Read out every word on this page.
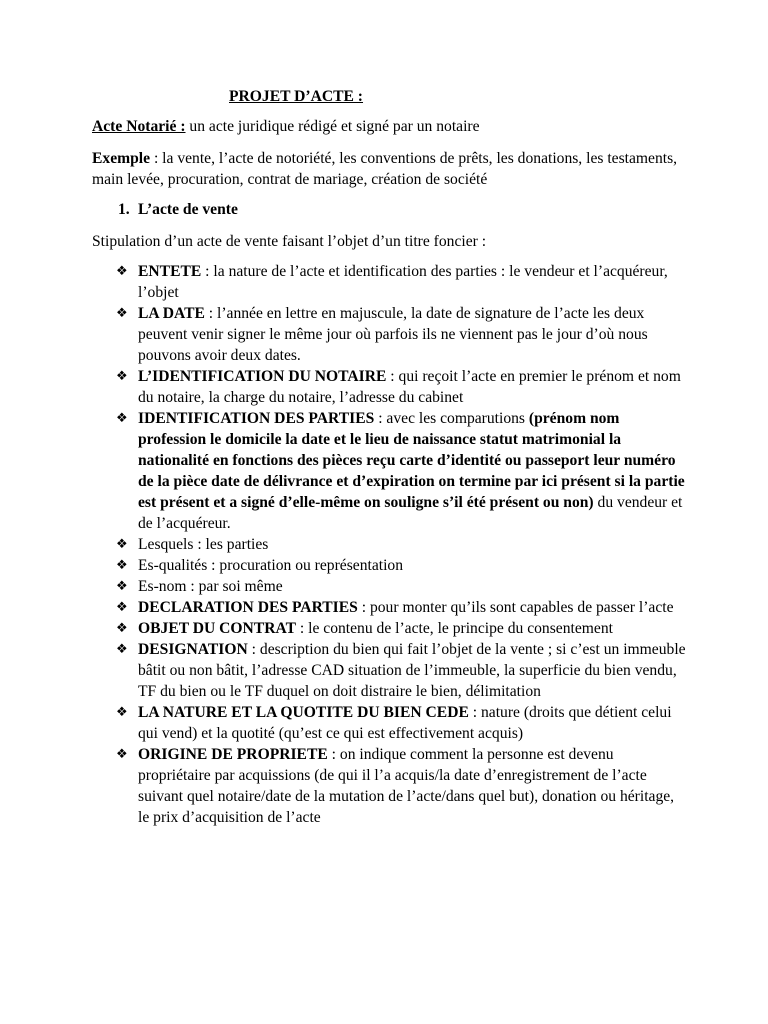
PROJET D’ACTE :

Acte Notarié : un acte juridique rédigé et signé par un notaire

Exemple : la vente, l’acte de notoriété, les conventions de prêts, les donations, les testaments, main levée, procuration, contrat de mariage, création de société

1. L’acte de vente

Stipulation d’un acte de vente faisant l’objet d’un titre foncier :

❖ ENTETE : la nature de l’acte et identification des parties : le vendeur et l’acquéreur, l’objet
❖ LA DATE : l’année en lettre en majuscule, la date de signature de l’acte les deux peuvent venir signer le même jour où parfois ils ne viennent pas le jour d’où nous pouvons avoir deux dates.
❖ L’IDENTIFICATION DU NOTAIRE : qui reçoit l’acte en premier le prénom et nom du notaire, la charge du notaire, l’adresse du cabinet
❖ IDENTIFICATION DES PARTIES : avec les comparutions (prénom nom profession le domicile la date et le lieu de naissance statut matrimonial la nationalité en fonctions des pièces reçu carte d’identité ou passeport leur numéro de la pièce date de délivrance et d’expiration on termine par ici présent si la partie est présent et a signé d’elle-même on souligne s’il été présent ou non) du vendeur et de l’acquéreur.
❖ Lesquels : les parties
❖ Es-qualités : procuration ou représentation
❖ Es-nom : par soi même
❖ DECLARATION DES PARTIES : pour monter qu’ils sont capables de passer l’acte
❖ OBJET DU CONTRAT : le contenu de l’acte, le principe du consentement
❖ DESIGNATION : description du bien qui fait l’objet de la vente ; si c’est un immeuble bâtit ou non bâtit, l’adresse CAD situation de l’immeuble, la superficie du bien vendu, TF du bien ou le TF duquel on doit distraire le bien, délimitation
❖ LA NATURE ET LA QUOTITE DU BIEN CEDE : nature (droits que détient celui qui vend) et la quotité (qu’est ce qui est effectivement acquis)
❖ ORIGINE DE PROPRIETE : on indique comment la personne est devenu propriétaire par acquissions (de qui il l’a acquis/la date d’enregistrement de l’acte suivant quel notaire/date de la mutation de l’acte/dans quel but), donation ou héritage, le prix d’acquisition de l’acte
